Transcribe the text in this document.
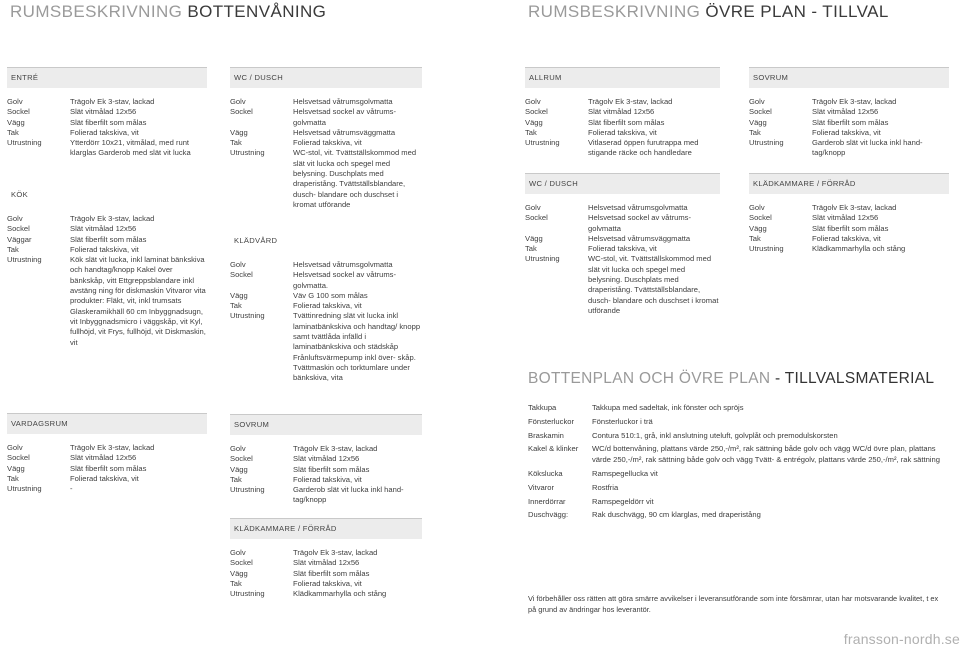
RUMSBESKRIVNING BOTTENVÅNING	RUMSBESKRIVNING ÖVRE PLAN - TILLVAL
ENTRÉ
Golv	Trägolv Ek 3-stav, lackad
Sockel	Slät vitmålad 12x56
Vägg	Slät fiberfilt som målas
Tak	Folierad takskiva, vit
Utrustning	Ytterdörr 10x21, vitmålad, med runt klarglas Garderob med slät vit lucka
KÖK
Golv	Trägolv Ek 3-stav, lackad
Sockel	Slät vitmålad 12x56
Väggar	Slät fiberfilt som målas
Tak	Folierad takskiva, vit
Utrustning	Kök slät vit lucka, inkl laminat bänkskiva och handtag/knopp Kakel över bänkskåp, vitt Ettgreppsblandare inkl avstäng ning för diskmaskin Vitvaror vita produkter: Fläkt, vit, inkl trumsats Glaskeramikhäll 60 cm Inbyggnadsugn, vit Inbyggnadsmicro i väggskåp, vit Kyl, fullhöjd, vit Frys, fullhöjd, vit Diskmaskin, vit
VARDAGSRUM
Golv	Trägolv Ek 3-stav, lackad
Sockel	Slät vitmålad 12x56
Vägg	Slät fiberfilt som målas
Tak	Folierad takskiva, vit
Utrustning	-
WC / DUSCH
Golv	Helsvetsad våtrumsgolvmatta
Sockel	Helsvetsad sockel av våtrums- golvmatta
Vägg	Helsvetsad våtrumsväggmatta
Tak	Folierad takskiva, vit
Utrustning	WC-stol, vit. Tvättställskommod med slät vit lucka och spegel med belysning. Duschplats med draperistång. Tvättställsblandare, dusch- blandare och duschset i kromat utförande
KLÄDVÅRD
Golv	Helsvetsad våtrumsgolvmatta
Sockel	Helsvetsad sockel av våtrums- golvmatta.
Vägg	Väv G 100 som målas
Tak	Folierad takskiva, vit
Utrustning	Tvättinredning slät vit lucka inkl laminatbänkskiva och handtag/ knopp samt tvättlåda infälld i laminatbänkskiva och städskåp Frånluftsvärmepump inkl över- skåp. Tvättmaskin och torktumlare under bänkskiva, vita
SOVRUM
Golv	Trägolv Ek 3-stav, lackad
Sockel	Slät vitmålad 12x56
Vägg	Slät fiberfilt som målas
Tak	Folierad takskiva, vit
Utrustning	Garderob slät vit lucka inkl hand- tag/knopp
KLÄDKAMMARE / FÖRRÅD
Golv	Trägolv Ek 3-stav, lackad
Sockel	Slät vitmålad 12x56
Vägg	Slät fiberfilt som målas
Tak	Folierad takskiva, vit
Utrustning	Klädkammarhylla och stång
ALLRUM
Golv	Trägolv Ek 3-stav, lackad
Sockel	Slät vitmålad 12x56
Vägg	Slät fiberfilt som målas
Tak	Folierad takskiva, vit
Utrustning	Vitlaserad öppen furutrappa med stigande räcke och handledare
WC / DUSCH
Golv	Helsvetsad våtrumsgolvmatta
Sockel	Helsvetsad sockel av våtrums- golvmatta
Vägg	Helsvetsad våtrumsväggmatta
Tak	Folierad takskiva, vit
Utrustning	WC-stol, vit. Tvättställskommod med slät vit lucka och spegel med belysning. Duschplats med draperistång. Tvättställsblandare, dusch- blandare och duschset i kromat utförande
SOVRUM
Golv	Trägolv Ek 3-stav, lackad
Sockel	Slät vitmålad 12x56
Vägg	Slät fiberfilt som målas
Tak	Folierad takskiva, vit
Utrustning	Garderob slät vit lucka inkl hand- tag/knopp
KLÄDKAMMARE / FÖRRÅD
Golv	Trägolv Ek 3-stav, lackad
Sockel	Slät vitmålad 12x56
Vägg	Slät fiberfilt som målas
Tak	Folierad takskiva, vit
Utrustning	Klädkammarhylla och stång
BOTTENPLAN OCH ÖVRE PLAN - TILLVALSMATERIAL
Takkupa	Takkupa med sadeltak, ink fönster och spröjs
Fönsterluckor	Fönsterluckor i trä
Braskamin	Contura 510:1, grå, inkl anslutning uteluft, golvplåt och premodulskorsten
Kakel & klinker	WC/d bottenvåning, plattans värde 250,-/m², rak sättning både golv och vägg WC/d övre plan, plattans värde 250,-/m², rak sättning både golv och vägg Tvätt- & entrégolv, plattans värde 250,-/m², rak sättning
Kökslucka	Ramspegellucka vit
Vitvaror	Rostfria
Innerdörrar	Ramspegeldörr vit
Duschvägg:	Rak duschvägg, 90 cm klarglas, med draperistång
Vi förbehåller oss rätten att göra smärre avvikelser i leveransutförande som inte försämrar, utan har motsvarande kvalitet, t ex på grund av ändringar hos leverantör.
fransson-nordh.se
